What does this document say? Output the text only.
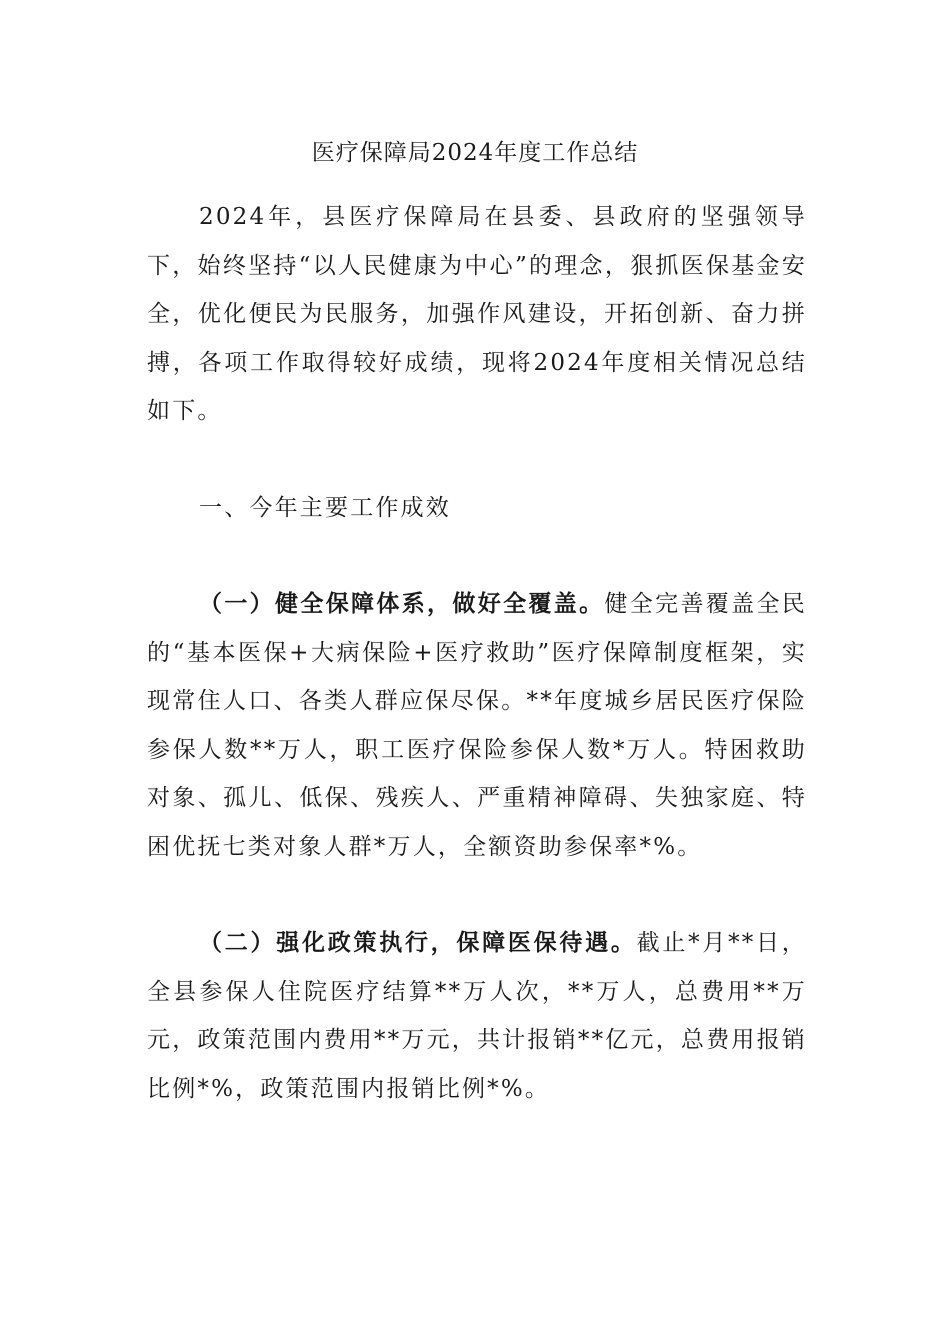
医疗保障局2024年度工作总结

2024年，县医疗保障局在县委、县政府的坚强领导下，始终坚持“以人民健康为中心”的理念，狠抓医保基金安全，优化便民为民服务，加强作风建设，开拓创新、奋力拼搏，各项工作取得较好成绩，现将2024年度相关情况总结如下。

一、今年主要工作成效

（一）健全保障体系，做好全覆盖。健全完善覆盖全民的“基本医保+大病保险+医疗救助”医疗保障制度框架，实现常住人口、各类人群应保尽保。**年度城乡居民医疗保险参保人数**万人，职工医疗保险参保人数*万人。特困救助对象、孤儿、低保、残疾人、严重精神障碍、失独家庭、特困优抚七类对象人群*万人，全额资助参保率*%。

（二）强化政策执行，保障医保待遇。截止*月**日，全县参保人住院医疗结算**万人次，**万人，总费用**万元，政策范围内费用**万元，共计报销**亿元，总费用报销比例*%，政策范围内报销比例*%。
